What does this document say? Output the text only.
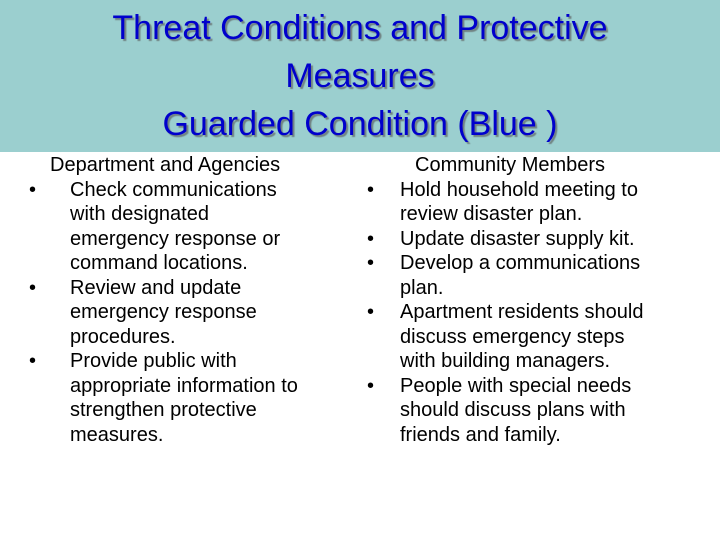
Threat Conditions and Protective
Measures
Guarded Condition (Blue )
Department and Agencies
• Check communications
with designated
emergency response or
command locations.
• Review and update
emergency response
procedures.
• Provide public with
appropriate information to
strengthen protective
measures.
Community Members
• Hold household meeting to
review disaster plan.
• Update disaster supply kit.
• Develop a communications
plan.
• Apartment residents should
discuss emergency steps
with building managers.
• People with special needs
should discuss plans with
friends and family.
